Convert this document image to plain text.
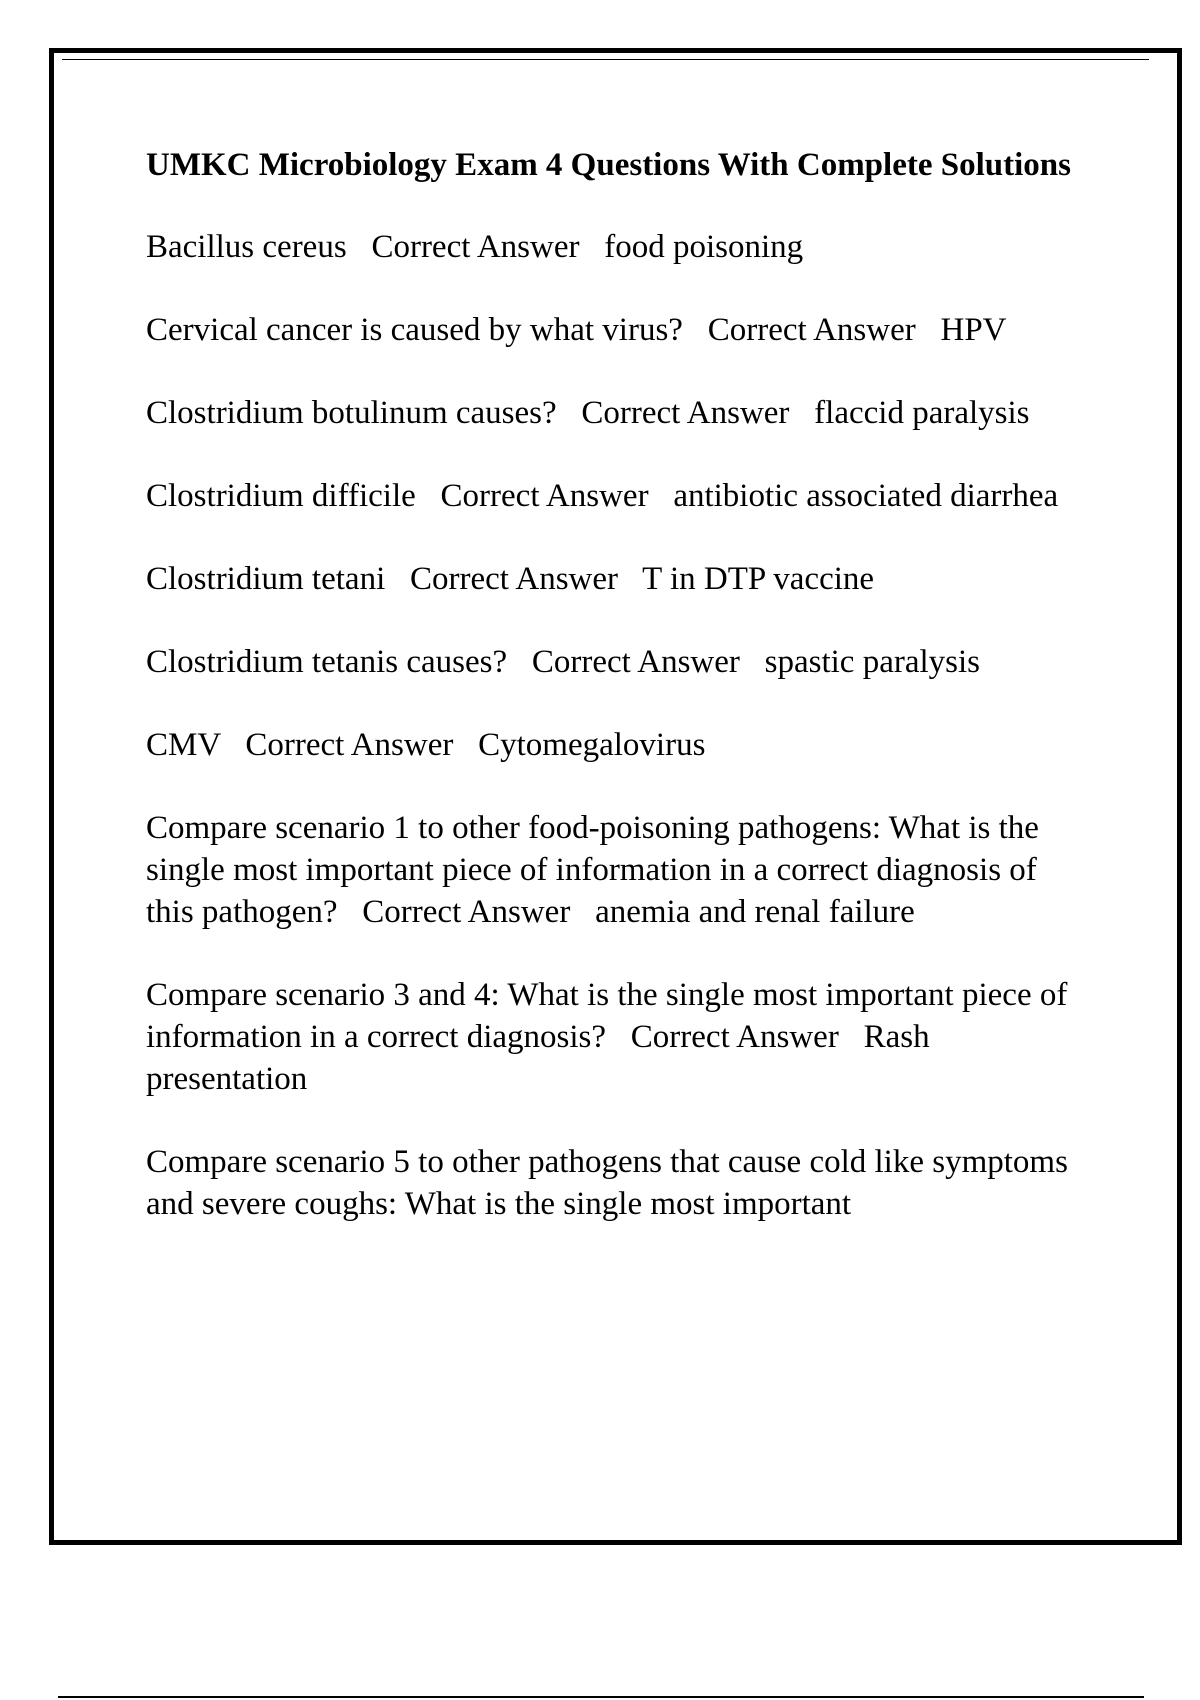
UMKC Microbiology Exam 4 Questions With Complete Solutions
Bacillus cereus Correct Answer food poisoning
Cervical cancer is caused by what virus? Correct Answer HPV
Clostridium botulinum causes? Correct Answer flaccid paralysis
Clostridium difficile Correct Answer antibiotic associated diarrhea
Clostridium tetani Correct Answer T in DTP vaccine
Clostridium tetanis causes? Correct Answer spastic paralysis
CMV Correct Answer Cytomegalovirus
Compare scenario 1 to other food-poisoning pathogens: What is the single most important piece of information in a correct diagnosis of this pathogen? Correct Answer anemia and renal failure
Compare scenario 3 and 4: What is the single most important piece of information in a correct diagnosis? Correct Answer Rash presentation
Compare scenario 5 to other pathogens that cause cold like symptoms and severe coughs: What is the single most important
